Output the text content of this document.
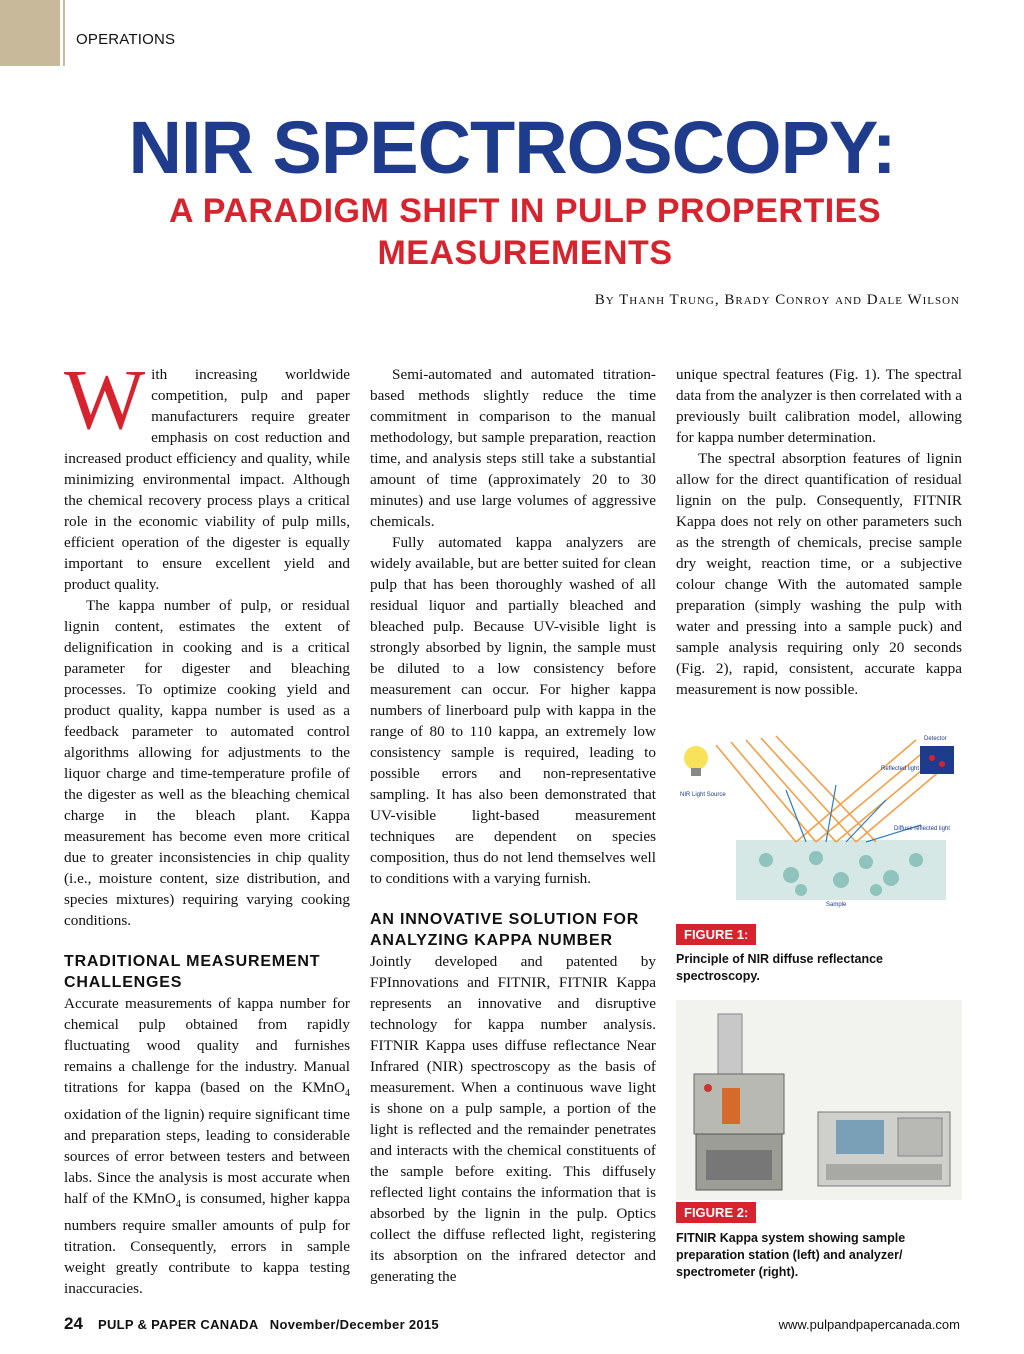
OPERATIONS
NIR SPECTROSCOPY:
A PARADIGM SHIFT IN PULP PROPERTIES MEASUREMENTS
By Thanh Trung, Brady Conroy and Dale Wilson

With increasing worldwide competition, pulp and paper manufacturers require greater emphasis on cost reduction and increased product efficiency and quality, while minimizing environmental impact. Although the chemical recovery process plays a critical role in the economic viability of pulp mills, efficient operation of the digester is equally important to ensure excellent yield and product quality.

The kappa number of pulp, or residual lignin content, estimates the extent of delignification in cooking and is a critical parameter for digester and bleaching processes. To optimize cooking yield and product quality, kappa number is used as a feedback parameter to automated control algorithms allowing for adjustments to the liquor charge and time-temperature profile of the digester as well as the bleaching chemical charge in the bleach plant. Kappa measurement has become even more critical due to greater inconsistencies in chip quality (i.e., moisture content, size distribution, and species mixtures) requiring varying cooking conditions.

TRADITIONAL MEASUREMENT CHALLENGES

Accurate measurements of kappa number for chemical pulp obtained from rapidly fluctuating wood quality and furnishes remains a challenge for the industry. Manual titrations for kappa (based on the KMnO$_4$ oxidation of the lignin) require significant time and preparation steps, leading to considerable sources of error between testers and between labs. Since the analysis is most accurate when half of the KMnO$_4$ is consumed, higher kappa numbers require smaller amounts of pulp for titration. Consequently, errors in sample weight greatly contribute to kappa testing inaccuracies.

Semi-automated and automated titration-based methods slightly reduce the time commitment in comparison to the manual methodology, but sample preparation, reaction time, and analysis steps still take a substantial amount of time (approximately 20 to 30 minutes) and use large volumes of aggressive chemicals.

Fully automated kappa analyzers are widely available, but are better suited for clean pulp that has been thoroughly washed of all residual liquor and partially bleached and bleached pulp. Because UV-visible light is strongly absorbed by lignin, the sample must be diluted to a low consistency before measurement can occur. For higher kappa numbers of linerboard pulp with kappa in the range of 80 to 110 kappa, an extremely low consistency sample is required, leading to possible errors and non-representative sampling. It has also been demonstrated that UV-visible light-based measurement techniques are dependent on species composition, thus do not lend themselves well to conditions with a varying furnish.

AN INNOVATIVE SOLUTION FOR ANALYZING KAPPA NUMBER

Jointly developed and patented by FPInnovations and FITNIR, FITNIR Kappa represents an innovative and disruptive technology for kappa number analysis. FITNIR Kappa uses diffuse reflectance Near Infrared (NIR) spectroscopy as the basis of measurement. When a continuous wave light is shone on a pulp sample, a portion of the light is reflected and the remainder penetrates and interacts with the chemical constituents of the sample before exiting. This diffusely reflected light contains the information that is absorbed by the lignin in the pulp. Optics collect the diffuse reflected light, registering its absorption on the infrared detector and generating the

unique spectral features (Fig. 1). The spectral data from the analyzer is then correlated with a previously built calibration model, allowing for kappa number determination.

The spectral absorption features of lignin allow for the direct quantification of residual lignin on the pulp. Consequently, FITNIR Kappa does not rely on other parameters such as the strength of chemicals, precise sample dry weight, reaction time, or a subjective colour change With the automated sample preparation (simply washing the pulp with water and pressing into a sample puck) and sample analysis requiring only 20 seconds (Fig. 2), rapid, consistent, accurate kappa measurement is now possible.

NIR Light Source
Detector
Reflected light
Diffuse reflected light
Sample
FIGURE 1:
Principle of NIR diffuse reflectance spectroscopy.
FIGURE 2:
FITNIR Kappa system showing sample preparation station (left) and analyzer/ spectrometer (right).
24 PULP & PAPER CANADA   November/December 2015	www.pulpandpapercanada.com
